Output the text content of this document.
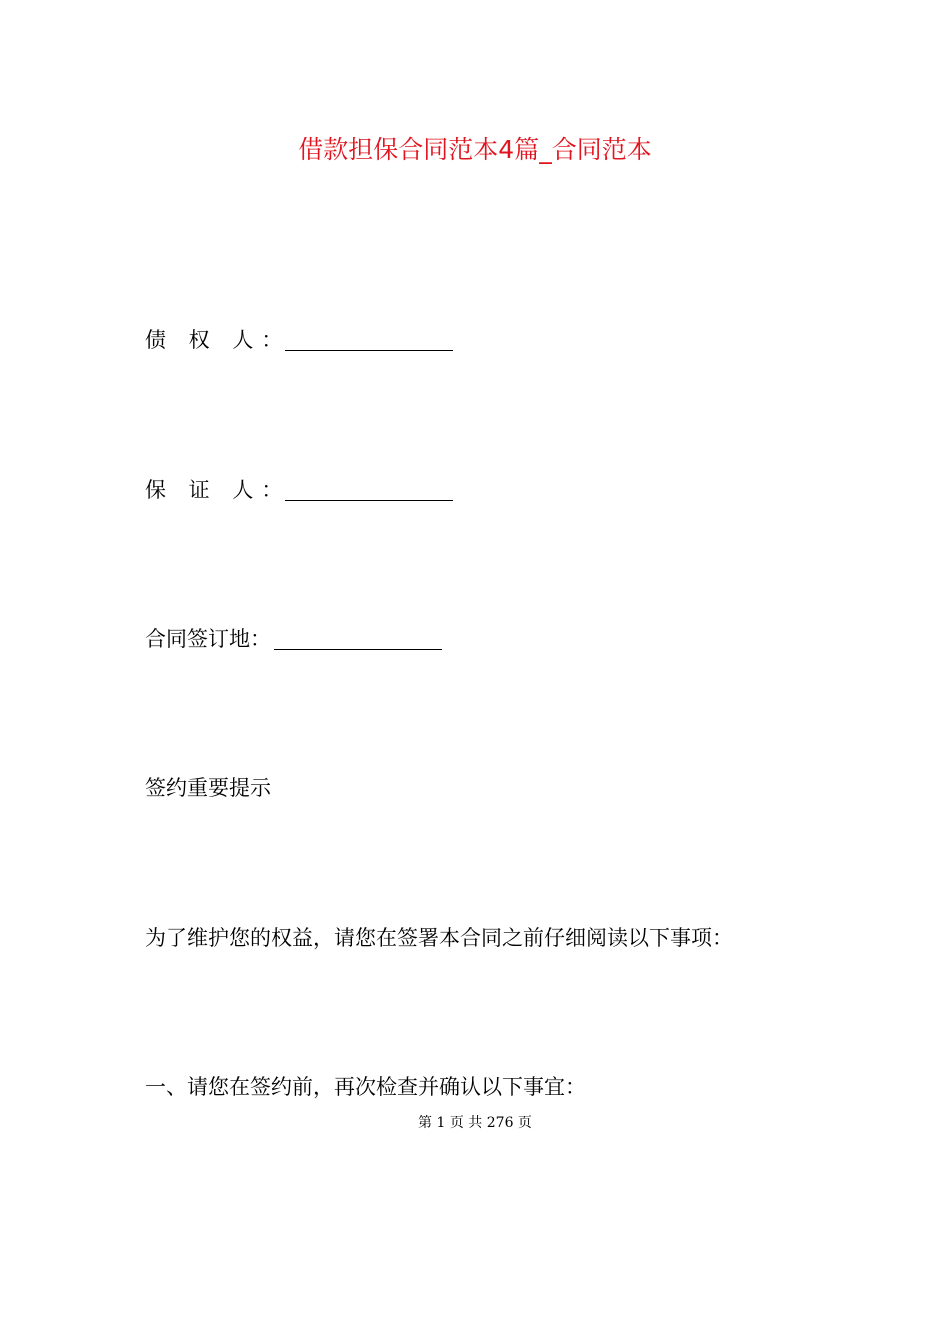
借款担保合同范本4篇_合同范本
债 权 人 ：
保 证 人 ：
合同签订地 ：
签约重要提示
为了维护您的权益，请您在签署本合同之前仔细阅读以下事项：
一、请您在签约前，再次检查并确认以下事宜：
第 1 页 共 276 页
